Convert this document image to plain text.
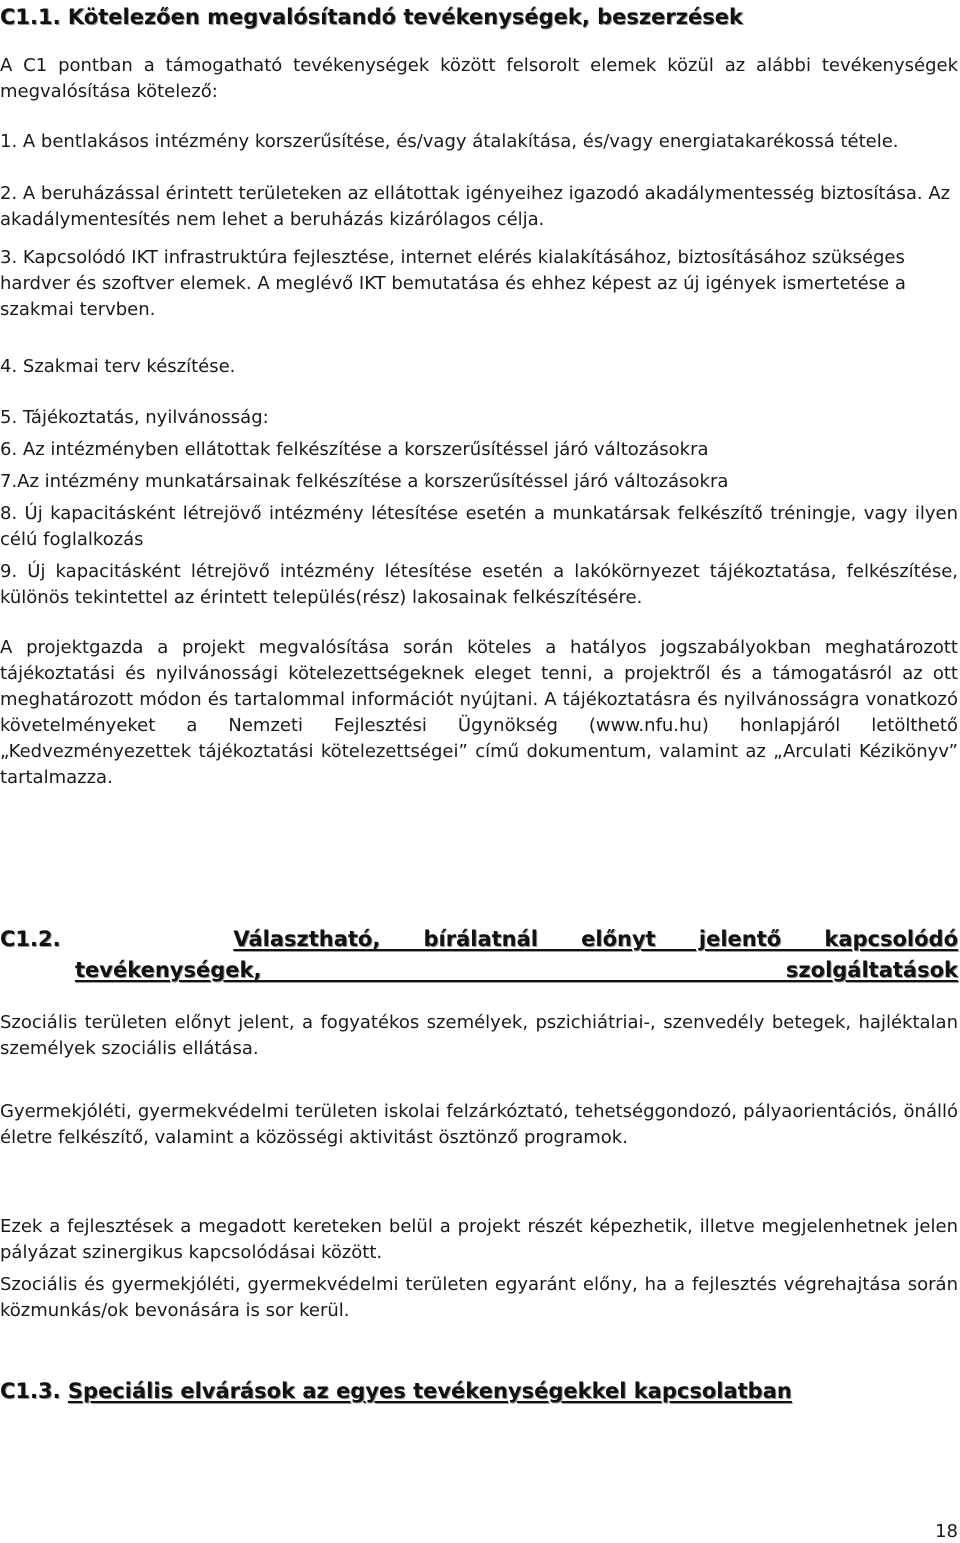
C1.1. Kötelezően megvalósítandó tevékenységek, beszerzések

A C1 pontban a támogatható tevékenységek között felsorolt elemek közül az alábbi tevékenységek megvalósítása kötelező:

1. A bentlakásos intézmény korszerűsítése, és/vagy átalakítása, és/vagy energiatakarékossá tétele.

2. A beruházással érintett területeken az ellátottak igényeihez igazodó akadálymentesség biztosítása. Az akadálymentesítés nem lehet a beruházás kizárólagos célja.

3. Kapcsolódó IKT infrastruktúra fejlesztése, internet elérés kialakításához, biztosításához szükséges hardver és szoftver elemek. A meglévő IKT bemutatása és ehhez képest az új igények ismertetése a szakmai tervben.

4. Szakmai terv készítése.

5. Tájékoztatás, nyilvánosság:

6. Az intézményben ellátottak felkészítése a korszerűsítéssel járó változásokra

7.Az intézmény munkatársainak felkészítése a korszerűsítéssel járó változásokra

8. Új kapacitásként létrejövő intézmény létesítése esetén a munkatársak felkészítő tréningje, vagy ilyen célú foglalkozás

9. Új kapacitásként létrejövő intézmény létesítése esetén a lakókörnyezet tájékoztatása, felkészítése, különös tekintettel az érintett település(rész) lakosainak felkészítésére.

A projektgazda a projekt megvalósítása során köteles a hatályos jogszabályokban meghatározott tájékoztatási és nyilvánossági kötelezettségeknek eleget tenni, a projektről és a támogatásról az ott meghatározott módon és tartalommal információt nyújtani. A tájékoztatásra és nyilvánosságra vonatkozó követelményeket a Nemzeti Fejlesztési Ügynökség (www.nfu.hu) honlapjáról letölthető „Kedvezményezettek tájékoztatási kötelezettségei” című dokumentum, valamint az „Arculati Kézikönyv” tartalmazza.

C1.2.	Választható, bírálatnál előnyt jelentő kapcsolódó
tevékenységek, szolgáltatások

Szociális területen előnyt jelent, a fogyatékos személyek, pszichiátriai-, szenvedély betegek, hajléktalan személyek szociális ellátása.

Gyermekjóléti, gyermekvédelmi területen iskolai felzárkóztató, tehetséggondozó, pályaorientációs, önálló életre felkészítő, valamint a közösségi aktivitást ösztönző programok.

Ezek a fejlesztések a megadott kereteken belül a projekt részét képezhetik, illetve megjelenhetnek jelen pályázat szinergikus kapcsolódásai között.

Szociális és gyermekjóléti, gyermekvédelmi területen egyaránt előny, ha a fejlesztés végrehajtása során közmunkás/ok bevonására is sor kerül.

C1.3. Speciális elvárások az egyes tevékenységekkel kapcsolatban
18
